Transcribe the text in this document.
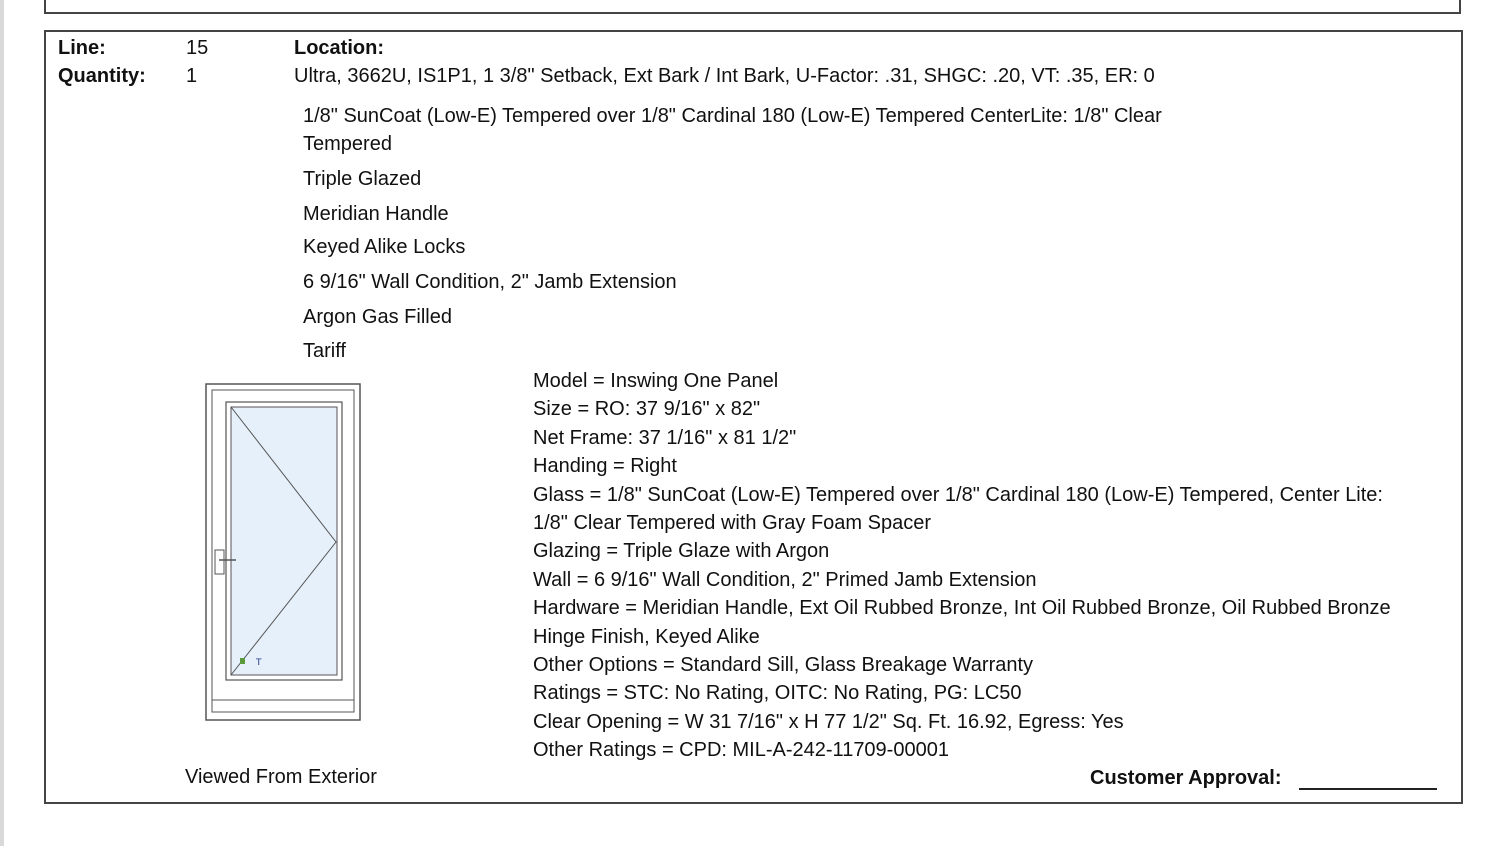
Line:	15	Location:
Quantity: 1	Ultra, 3662U, IS1P1, 1 3/8" Setback, Ext Bark / Int Bark, U-Factor: .31, SHGC: .20, VT: .35, ER: 0
1/8" SunCoat (Low-E) Tempered over 1/8" Cardinal 180 (Low-E) Tempered CenterLite: 1/8" Clear
Tempered
Triple Glazed
Meridian Handle
Keyed Alike Locks
6 9/16" Wall Condition, 2" Jamb Extension
Argon Gas Filled
Tariff
T
Model = Inswing One Panel
Size = RO: 37 9/16" x 82"
Net Frame: 37 1/16" x 81 1/2"
Handing = Right
Glass = 1/8" SunCoat (Low-E) Tempered over 1/8" Cardinal 180 (Low-E) Tempered, Center Lite:
1/8" Clear Tempered with Gray Foam Spacer
Glazing = Triple Glaze with Argon
Wall = 6 9/16" Wall Condition, 2" Primed Jamb Extension
Hardware = Meridian Handle, Ext Oil Rubbed Bronze, Int Oil Rubbed Bronze, Oil Rubbed Bronze
Hinge Finish, Keyed Alike
Other Options = Standard Sill, Glass Breakage Warranty
Ratings = STC: No Rating, OITC: No Rating, PG: LC50
Clear Opening = W 31 7/16" x H 77 1/2" Sq. Ft. 16.92, Egress: Yes
Other Ratings = CPD: MIL-A-242-11709-00001
Viewed From Exterior	Customer Approval:
